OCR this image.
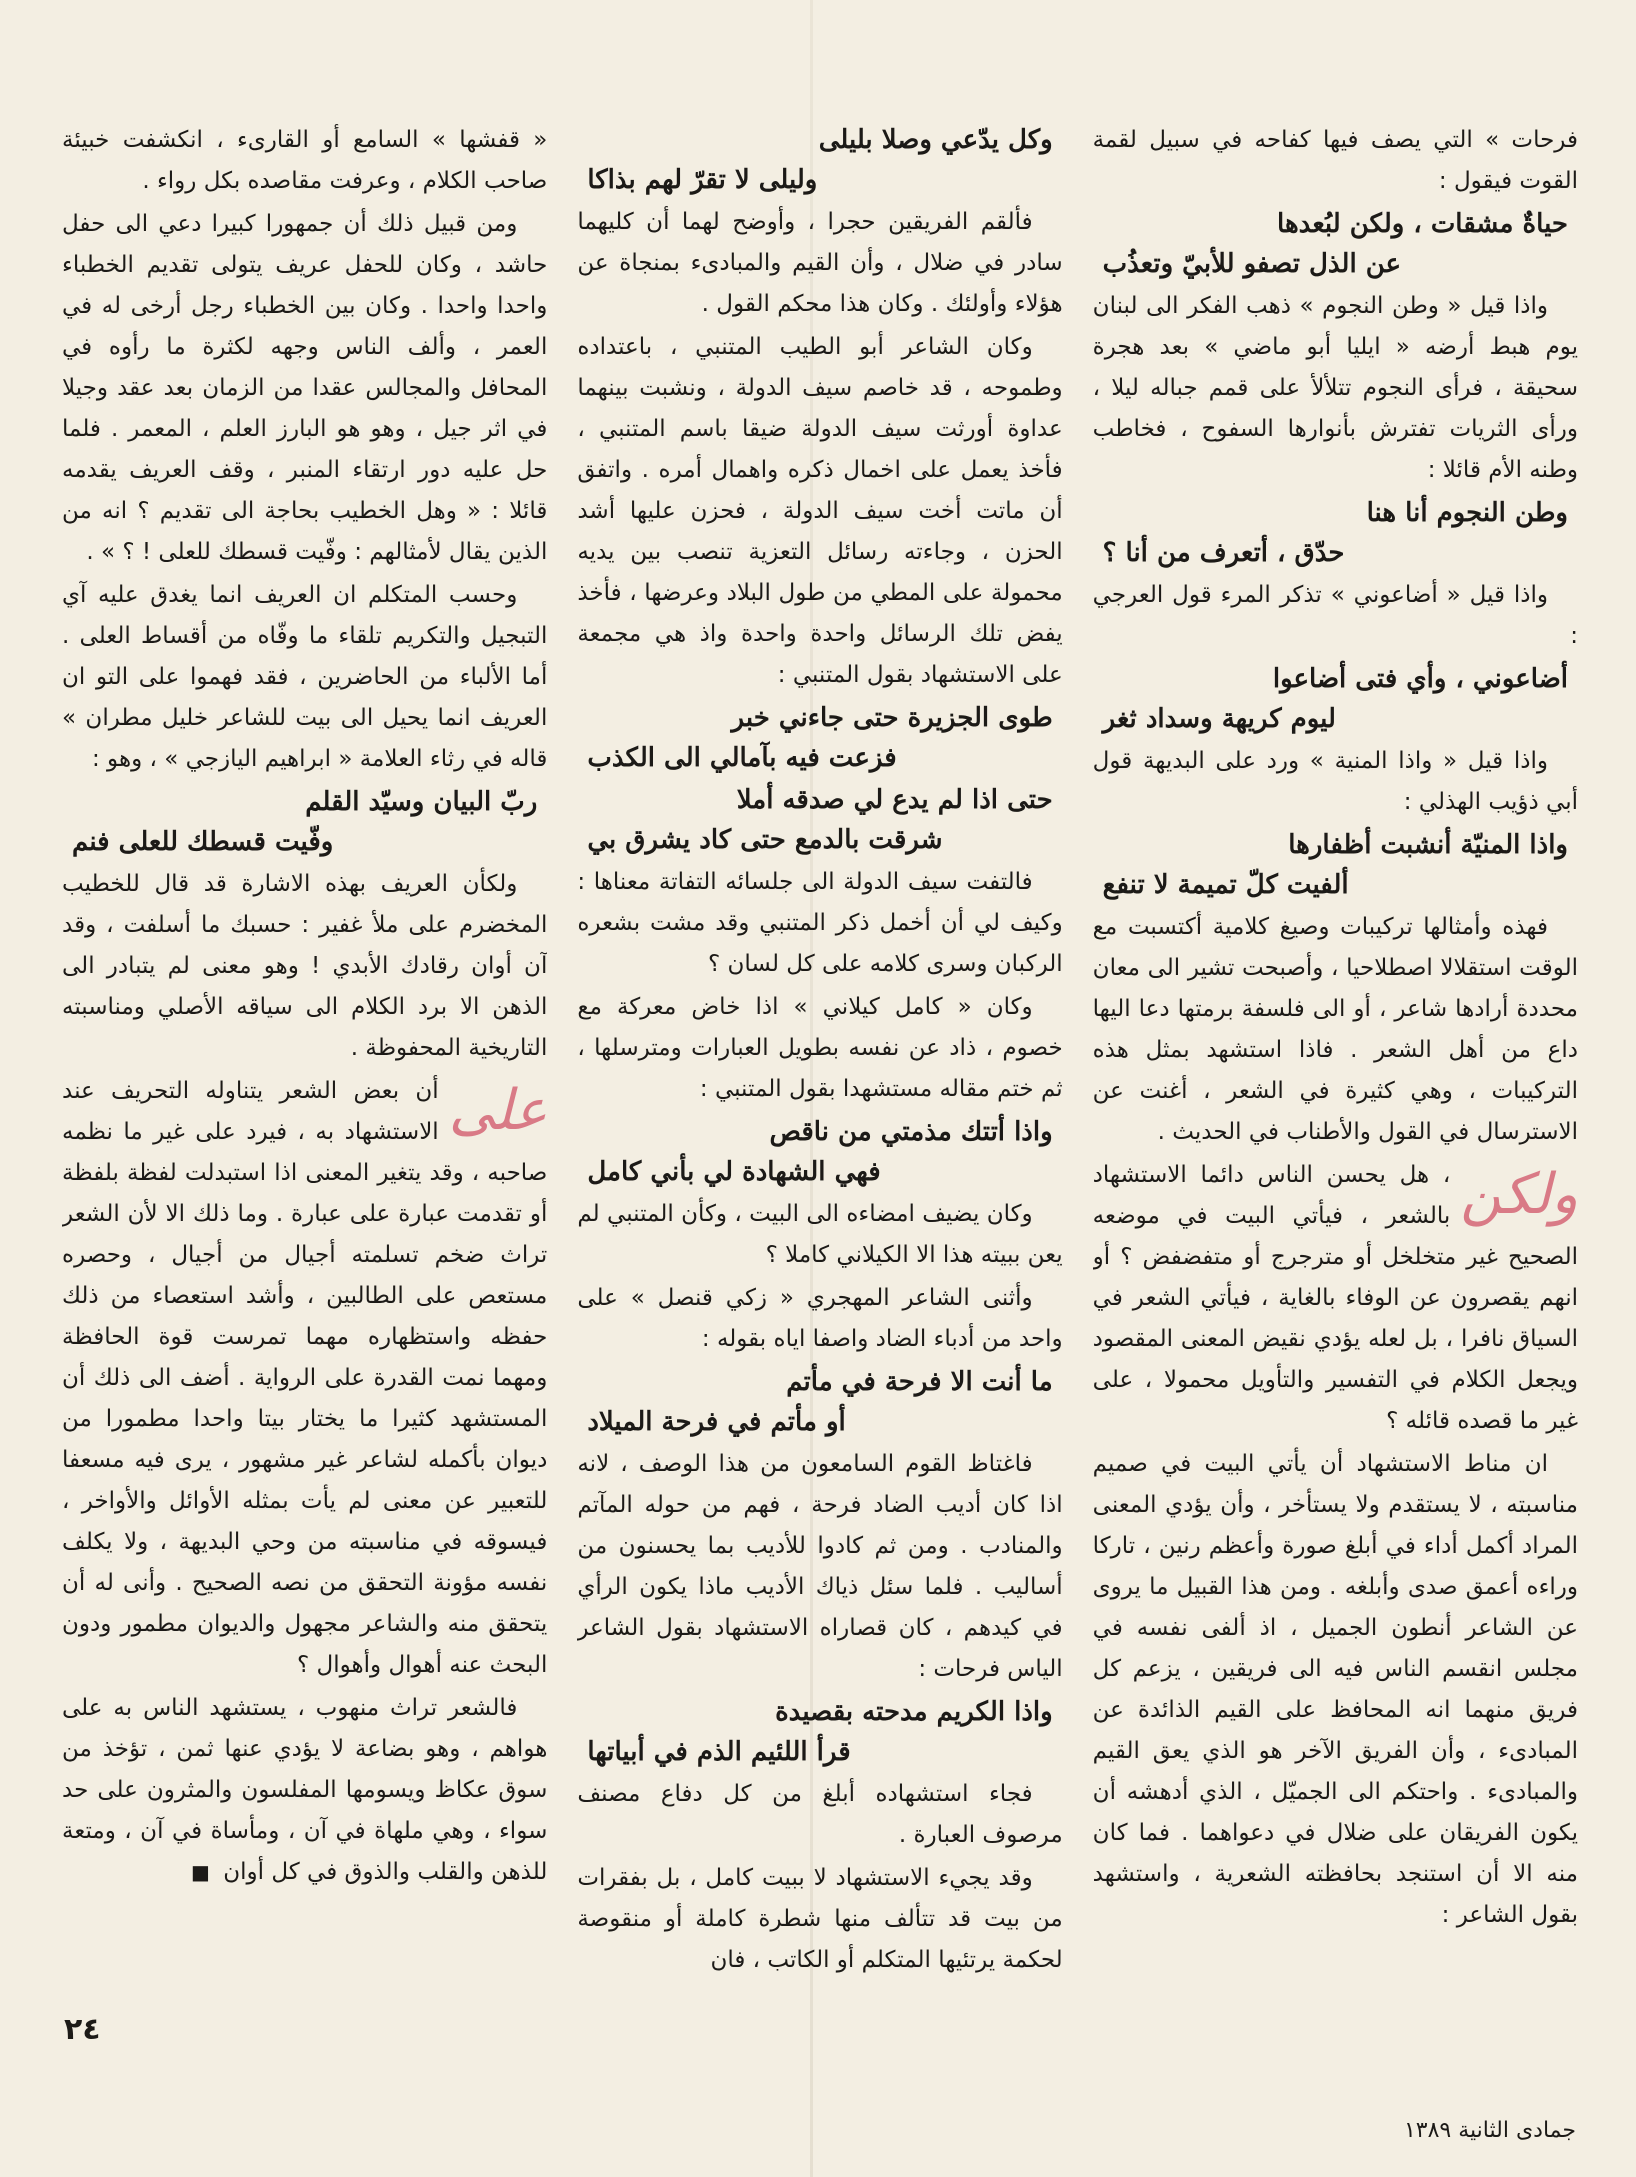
فرحات » التي يصف فيها كفاحه في سبيل لقمة القوت فيقول :

حياةٌ مشقات ، ولكن لبُعدها
عن الذل تصفو للأبيّ وتعذُب

واذا قيل « وطن النجوم » ذهب الفكر الى لبنان يوم هبط أرضه « ايليا أبو ماضي » بعد هجرة سحيقة ، فرأى النجوم تتلألأ على قمم جباله ليلا ، ورأى الثريات تفترش بأنوارها السفوح ، فخاطب وطنه الأم قائلا :

وطن النجوم أنا هنا
حدّق ، أتعرف من أنا ؟

واذا قيل « أضاعوني » تذكر المرء قول العرجي :

أضاعوني ، وأي فتى أضاعوا
ليوم كريهة وسداد ثغر

واذا قيل « واذا المنية » ورد على البديهة قول أبي ذؤيب الهذلي :

واذا المنيّة أنشبت أظفارها
ألفيت كلّ تميمة لا تنفع

فهذه وأمثالها تركيبات وصيغ كلامية أكتسبت مع الوقت استقلالا اصطلاحيا ، وأصبحت تشير الى معان محددة أرادها شاعر ، أو الى فلسفة برمتها دعا اليها داع من أهل الشعر . فاذا استشهد بمثل هذه التركيبات ، وهي كثيرة في الشعر ، أغنت عن الاسترسال في القول والأطناب في الحديث .

ولكن
، هل يحسن الناس دائما الاستشهاد بالشعر ، فيأتي البيت في موضعه الصحيح غير متخلخل أو مترجرج أو متفضفض ؟ أو انهم يقصرون عن الوفاء بالغاية ، فيأتي الشعر في السياق نافرا ، بل لعله يؤدي نقيض المعنى المقصود ويجعل الكلام في التفسير والتأويل محمولا ، على غير ما قصده قائله ؟

ان مناط الاستشهاد أن يأتي البيت في صميم مناسبته ، لا يستقدم ولا يستأخر ، وأن يؤدي المعنى المراد أكمل أداء في أبلغ صورة وأعظم رنين ، تاركا وراءه أعمق صدى وأبلغه . ومن هذا القبيل ما يروى عن الشاعر أنطون الجميل ، اذ ألفى نفسه في مجلس انقسم الناس فيه الى فريقين ، يزعم كل فريق منهما انه المحافظ على القيم الذائدة عن المبادىء ، وأن الفريق الآخر هو الذي يعق القيم والمبادىء . واحتكم الى الجميّل ، الذي أدهشه أن يكون الفريقان على ضلال في دعواهما . فما كان منه الا أن استنجد بحافظته الشعرية ، واستشهد بقول الشاعر :

وكل يدّعي وصلا بليلى
وليلى لا تقرّ لهم بذاكا

فألقم الفريقين حجرا ، وأوضح لهما أن كليهما سادر في ضلال ، وأن القيم والمبادىء بمنجاة عن هؤلاء وأولئك . وكان هذا محكم القول .

وكان الشاعر أبو الطيب المتنبي ، باعتداده وطموحه ، قد خاصم سيف الدولة ، ونشبت بينهما عداوة أورثت سيف الدولة ضيقا باسم المتنبي ، فأخذ يعمل على اخمال ذكره واهمال أمره . واتفق أن ماتت أخت سيف الدولة ، فحزن عليها أشد الحزن ، وجاءته رسائل التعزية تنصب بين يديه محمولة على المطي من طول البلاد وعرضها ، فأخذ يفض تلك الرسائل واحدة واحدة واذ هي مجمعة على الاستشهاد بقول المتنبي :

طوى الجزيرة حتى جاءني خبر
فزعت فيه بآمالي الى الكذب
حتى اذا لم يدع لي صدقه أملا
شرقت بالدمع حتى كاد يشرق بي

فالتفت سيف الدولة الى جلسائه التفاتة معناها : وكيف لي أن أخمل ذكر المتنبي وقد مشت بشعره الركبان وسرى كلامه على كل لسان ؟

وكان « كامل كيلاني » اذا خاض معركة مع خصوم ، ذاد عن نفسه بطويل العبارات ومترسلها ، ثم ختم مقاله مستشهدا بقول المتنبي :

واذا أتتك مذمتي من ناقص
فهي الشهادة لي بأني كامل

وكان يضيف امضاءه الى البيت ، وكأن المتنبي لم يعن ببيته هذا الا الكيلاني كاملا ؟

وأثنى الشاعر المهجري « زكي قنصل » على واحد من أدباء الضاد واصفا اياه بقوله :

ما أنت الا فرحة في مأتم
أو مأتم في فرحة الميلاد

فاغتاظ القوم السامعون من هذا الوصف ، لانه اذا كان أديب الضاد فرحة ، فهم من حوله المآتم والمنادب . ومن ثم كادوا للأديب بما يحسنون من أساليب . فلما سئل ذياك الأديب ماذا يكون الرأي في كيدهم ، كان قصاراه الاستشهاد بقول الشاعر الياس فرحات :

واذا الكريم مدحته بقصيدة
قرأ اللئيم الذم في أبياتها

فجاء استشهاده أبلغ من كل دفاع مصنف مرصوف العبارة .

وقد يجيء الاستشهاد لا ببيت كامل ، بل بفقرات من بيت قد تتألف منها شطرة كاملة أو منقوصة لحكمة يرتئيها المتكلم أو الكاتب ، فان

« قفشها » السامع أو القارىء ، انكشفت خبيئة صاحب الكلام ، وعرفت مقاصده بكل رواء .

ومن قبيل ذلك أن جمهورا كبيرا دعي الى حفل حاشد ، وكان للحفل عريف يتولى تقديم الخطباء واحدا واحدا . وكان بين الخطباء رجل أرخى له في العمر ، وألف الناس وجهه لكثرة ما رأوه في المحافل والمجالس عقدا من الزمان بعد عقد وجيلا في اثر جيل ، وهو هو البارز العلم ، المعمر . فلما حل عليه دور ارتقاء المنبر ، وقف العريف يقدمه قائلا : « وهل الخطيب بحاجة الى تقديم ؟ انه من الذين يقال لأمثالهم : وفّيت قسطك للعلى ! ؟ » .

وحسب المتكلم ان العريف انما يغدق عليه آي التبجيل والتكريم تلقاء ما وفّاه من أقساط العلى . أما الألباء من الحاضرين ، فقد فهموا على التو ان العريف انما يحيل الى بيت للشاعر خليل مطران » قاله في رثاء العلامة « ابراهيم اليازجي » ، وهو :

ربّ البيان وسيّد القلم
وفّيت قسطك للعلى فنم

ولكأن العريف بهذه الاشارة قد قال للخطيب المخضرم على ملأ غفير : حسبك ما أسلفت ، وقد آن أوان رقادك الأبدي ! وهو معنى لم يتبادر الى الذهن الا برد الكلام الى سياقه الأصلي ومناسبته التاريخية المحفوظة .

على
أن بعض الشعر يتناوله التحريف عند الاستشهاد به ، فيرد على غير ما نظمه صاحبه ، وقد يتغير المعنى اذا استبدلت لفظة بلفظة أو تقدمت عبارة على عبارة . وما ذلك الا لأن الشعر تراث ضخم تسلمته أجيال من أجيال ، وحصره مستعص على الطالبين ، وأشد استعصاء من ذلك حفظه واستظهاره مهما تمرست قوة الحافظة ومهما نمت القدرة على الرواية . أضف الى ذلك أن المستشهد كثيرا ما يختار بيتا واحدا مطمورا من ديوان بأكمله لشاعر غير مشهور ، يرى فيه مسعفا للتعبير عن معنى لم يأت بمثله الأوائل والأواخر ، فيسوقه في مناسبته من وحي البديهة ، ولا يكلف نفسه مؤونة التحقق من نصه الصحيح . وأنى له أن يتحقق منه والشاعر مجهول والديوان مطمور ودون البحث عنه أهوال وأهوال ؟

فالشعر تراث منهوب ، يستشهد الناس به على هواهم ، وهو بضاعة لا يؤدي عنها ثمن ، تؤخذ من سوق عكاظ ويسومها المفلسون والمثرون على حد سواء ، وهي ملهاة في آن ، ومأساة في آن ، ومتعة للذهن والقلب والذوق في كل أوان ■

٢٤
جمادى الثانية ١٣٨٩
